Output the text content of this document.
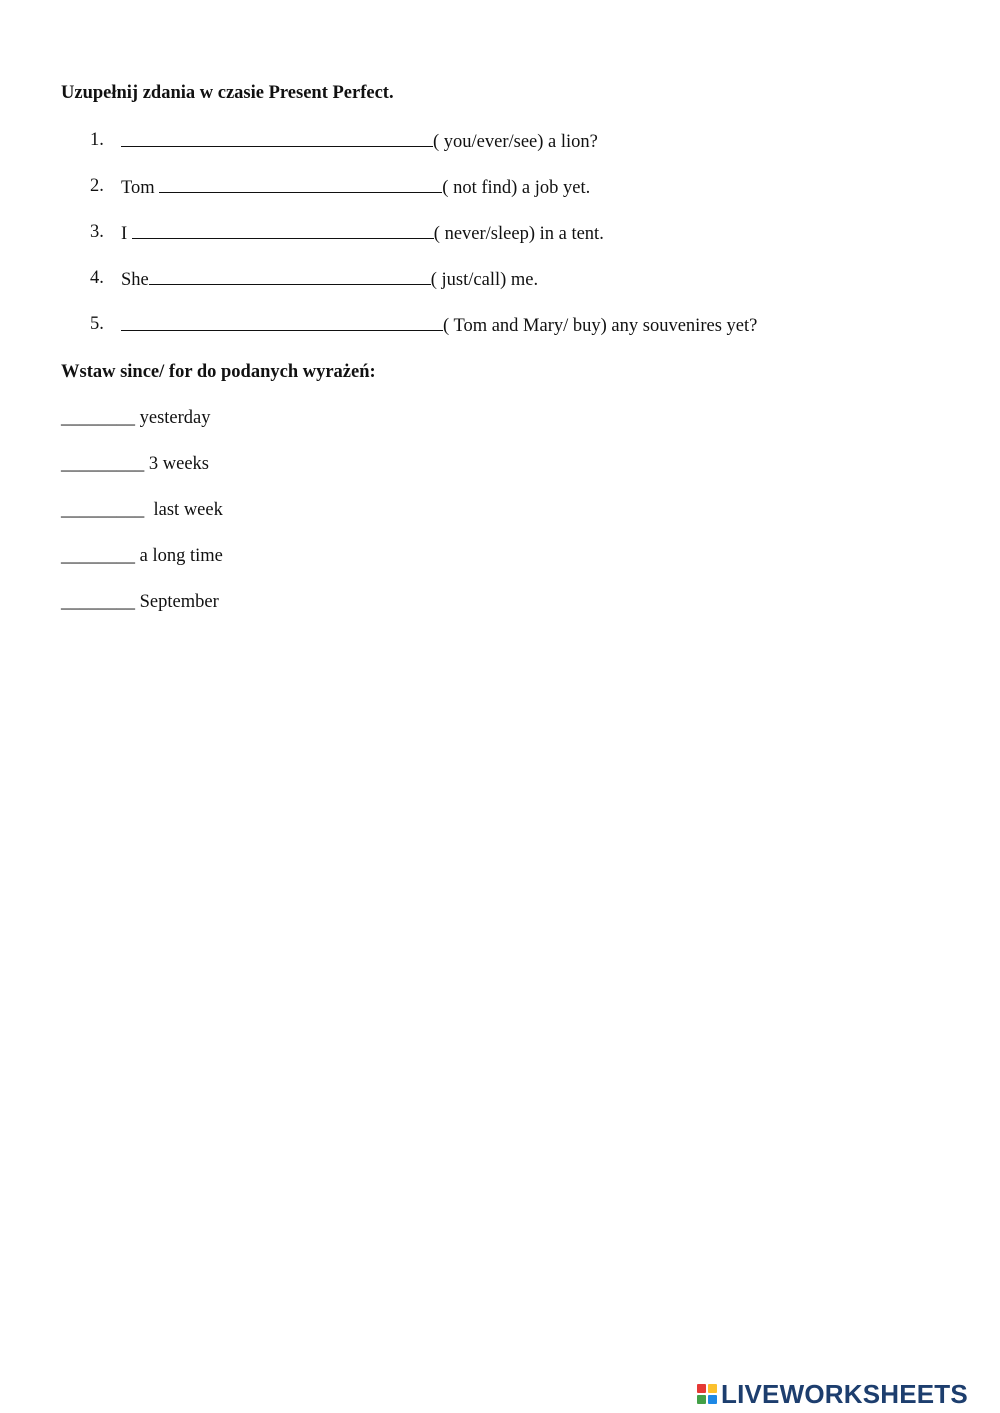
Uzupełnij zdania w czasie Present Perfect.
1.	( you/ever/see) a lion?
2. Tom	( not find) a job yet.
3. I	( never/sleep) in a tent.
4. She	( just/call) me.
5.	( Tom and Mary/ buy) any souvenires yet?
Wstaw since/ for do podanych wyrażeń:
________ yesterday
_________ 3 weeks
_________  last week
________ a long time
________ September
LIVEWORKSHEETS
